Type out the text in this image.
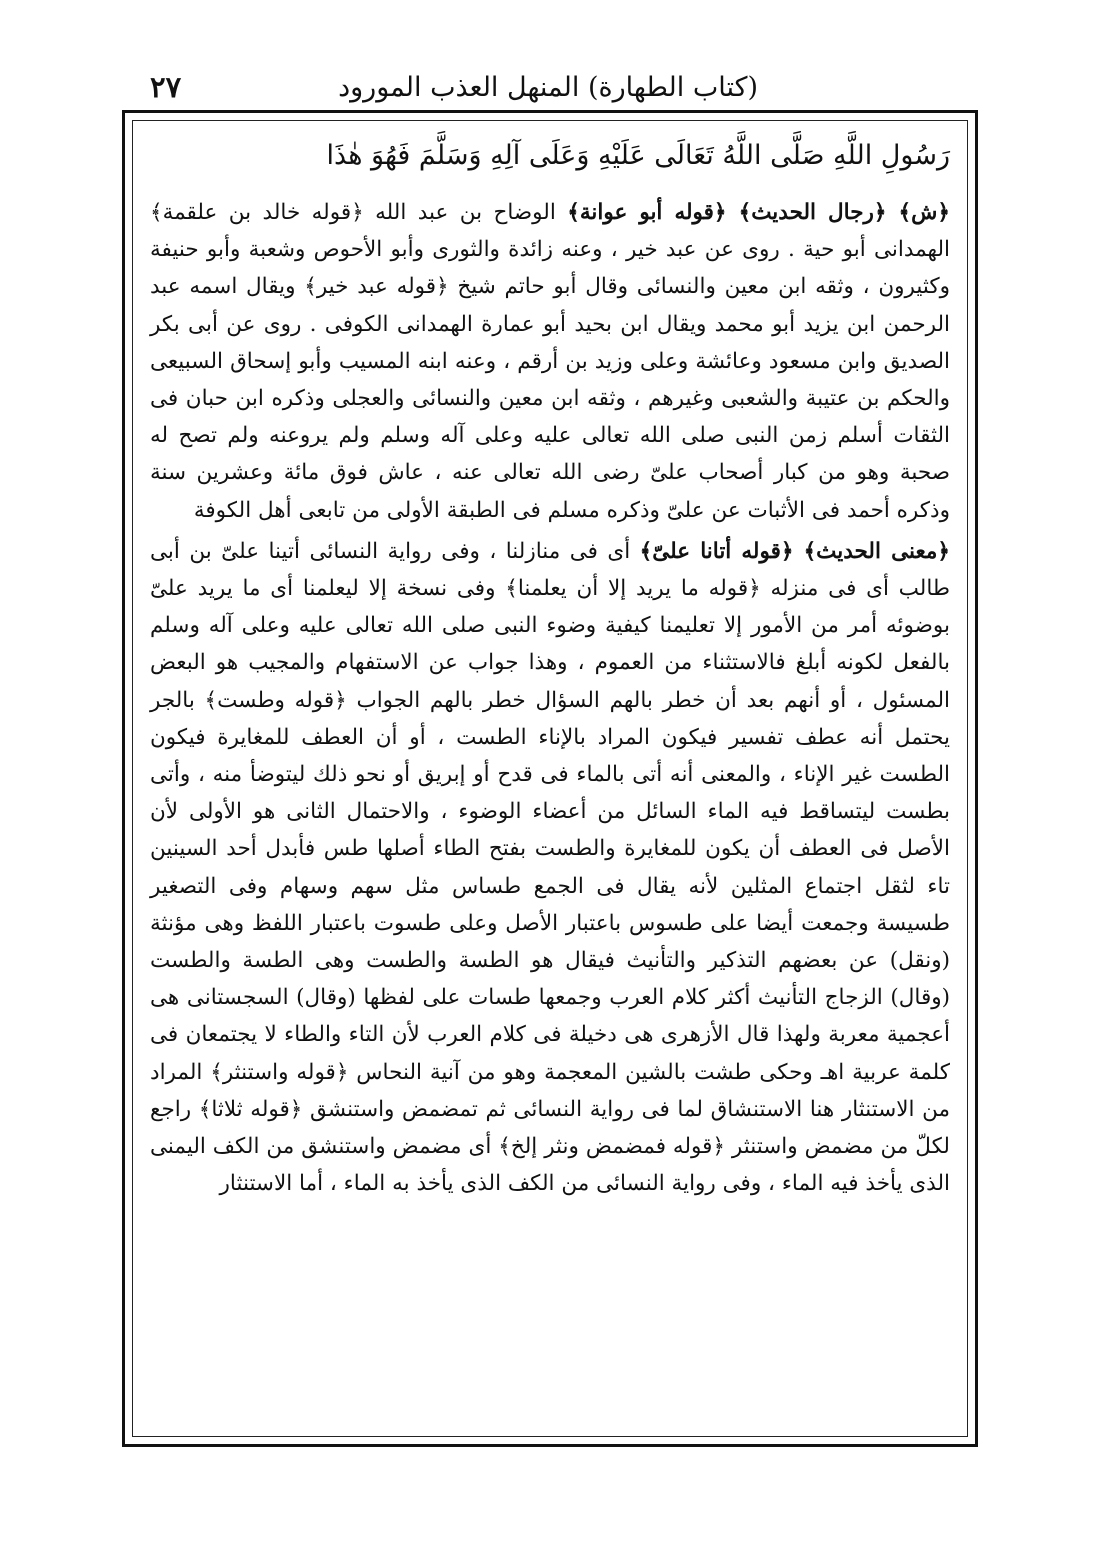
(كتاب الطهارة) المنهل العذب المورود
٢٧
رَسُولِ اللَّهِ صَلَّى اللَّهُ تَعَالَى عَلَيْهِ وَعَلَى آلِهِ وَسَلَّمَ فَهُوَ هٰذَا

﴿ش﴾ ﴿رجال الحديث﴾ ﴿قوله أبو عوانة﴾ الوضاح بن عبد الله ﴿قوله خالد بن علقمة﴾ الهمدانى أبو حية . روى عن عبد خير ، وعنه زائدة والثورى وأبو الأحوص وشعبة وأبو حنيفة وكثيرون ، وثقه ابن معين والنسائى وقال أبو حاتم شيخ ﴿قوله عبد خير﴾ ويقال اسمه عبد الرحمن ابن يزيد أبو محمد ويقال ابن بحيد أبو عمارة الهمدانى الكوفى . روى عن أبى بكر الصديق وابن مسعود وعائشة وعلى وزيد بن أرقم ، وعنه ابنه المسيب وأبو إسحاق السبيعى والحكم بن عتيبة والشعبى وغيرهم ، وثقه ابن معين والنسائى والعجلى وذكره ابن حبان فى الثقات أسلم زمن النبى صلى الله تعالى عليه وعلى آله وسلم ولم يروعنه ولم تصح له صحبة وهو من كبار أصحاب علىّ رضى الله تعالى عنه ، عاش فوق مائة وعشرين سنة وذكره أحمد فى الأثبات عن علىّ وذكره مسلم فى الطبقة الأولى من تابعى أهل الكوفة

﴿معنى الحديث﴾ ﴿قوله أتانا علىّ﴾ أى فى منازلنا ، وفى رواية النسائى أتينا علىّ بن أبى طالب أى فى منزله ﴿قوله ما يريد إلا أن يعلمنا﴾ وفى نسخة إلا ليعلمنا أى ما يريد علىّ بوضوئه أمر من الأمور إلا تعليمنا كيفية وضوء النبى صلى الله تعالى عليه وعلى آله وسلم بالفعل لكونه أبلغ فالاستثناء من العموم ، وهذا جواب عن الاستفهام والمجيب هو البعض المسئول ، أو أنهم بعد أن خطر بالهم السؤال خطر بالهم الجواب ﴿قوله وطست﴾ بالجر يحتمل أنه عطف تفسير فيكون المراد بالإناء الطست ، أو أن العطف للمغايرة فيكون الطست غير الإناء ، والمعنى أنه أتى بالماء فى قدح أو إبريق أو نحو ذلك ليتوضأ منه ، وأتى بطست ليتساقط فيه الماء السائل من أعضاء الوضوء ، والاحتمال الثانى هو الأولى لأن الأصل فى العطف أن يكون للمغايرة والطست بفتح الطاء أصلها طس فأبدل أحد السينين تاء لثقل اجتماع المثلين لأنه يقال فى الجمع طساس مثل سهم وسهام وفى التصغير طسيسة وجمعت أيضا على طسوس باعتبار الأصل وعلى طسوت باعتبار اللفظ وهى مؤنثة (ونقل) عن بعضهم التذكير والتأنيث فيقال هو الطسة والطست وهى الطسة والطست (وقال) الزجاج التأنيث أكثر كلام العرب وجمعها طسات على لفظها (وقال) السجستانى هى أعجمية معربة ولهذا قال الأزهرى هى دخيلة فى كلام العرب لأن التاء والطاء لا يجتمعان فى كلمة عربية اهـ وحكى طشت بالشين المعجمة وهو من آنية النحاس ﴿قوله واستنثر﴾ المراد من الاستنثار هنا الاستنشاق لما فى رواية النسائى ثم تمضمض واستنشق ﴿قوله ثلاثا﴾ راجع لكلّ من مضمض واستنثر ﴿قوله فمضمض ونثر إلخ﴾ أى مضمض واستنشق من الكف اليمنى الذى يأخذ فيه الماء ، وفى رواية النسائى من الكف الذى يأخذ به الماء ، أما الاستنثار
